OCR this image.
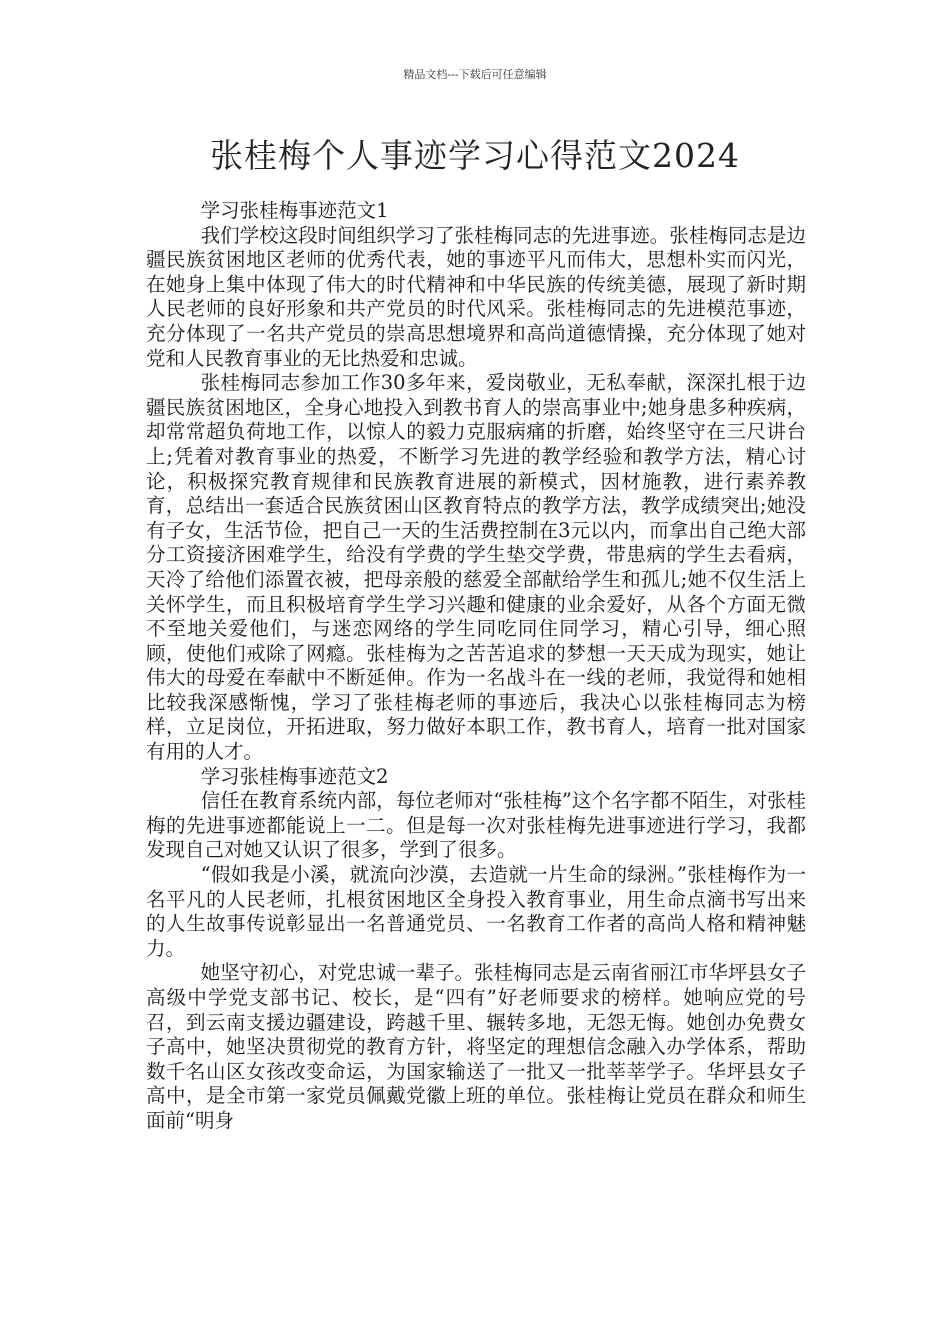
精品文档---下载后可任意编辑
张桂梅个人事迹学习心得范文2024

学习张桂梅事迹范文1

我们学校这段时间组织学习了张桂梅同志的先进事迹。张桂梅同志是边疆民族贫困地区老师的优秀代表，她的事迹平凡而伟大，思想朴实而闪光，在她身上集中体现了伟大的时代精神和中华民族的传统美德，展现了新时期人民老师的良好形象和共产党员的时代风采。张桂梅同志的先进模范事迹，充分体现了一名共产党员的崇高思想境界和高尚道德情操，充分体现了她对党和人民教育事业的无比热爱和忠诚。

张桂梅同志参加工作30多年来，爱岗敬业，无私奉献，深深扎根于边疆民族贫困地区，全身心地投入到教书育人的崇高事业中;她身患多种疾病，却常常超负荷地工作，以惊人的毅力克服病痛的折磨，始终坚守在三尺讲台上;凭着对教育事业的热爱，不断学习先进的教学经验和教学方法，精心讨论，积极探究教育规律和民族教育进展的新模式，因材施教，进行素养教育，总结出一套适合民族贫困山区教育特点的教学方法，教学成绩突出;她没有子女，生活节俭，把自己一天的生活费控制在3元以内，而拿出自己绝大部分工资接济困难学生，给没有学费的学生垫交学费，带患病的学生去看病，天冷了给他们添置衣被，把母亲般的慈爱全部献给学生和孤儿;她不仅生活上关怀学生，而且积极培育学生学习兴趣和健康的业余爱好，从各个方面无微不至地关爱他们，与迷恋网络的学生同吃同住同学习，精心引导，细心照顾，使他们戒除了网瘾。张桂梅为之苦苦追求的梦想一天天成为现实，她让伟大的母爱在奉献中不断延伸。作为一名战斗在一线的老师，我觉得和她相比较我深感惭愧，学习了张桂梅老师的事迹后，我决心以张桂梅同志为榜样，立足岗位，开拓进取，努力做好本职工作，教书育人，培育一批对国家有用的人才。

学习张桂梅事迹范文2

信任在教育系统内部，每位老师对“张桂梅”这个名字都不陌生，对张桂梅的先进事迹都能说上一二。但是每一次对张桂梅先进事迹进行学习，我都发现自己对她又认识了很多，学到了很多。

“假如我是小溪，就流向沙漠，去造就一片生命的绿洲。”张桂梅作为一名平凡的人民老师，扎根贫困地区全身投入教育事业，用生命点滴书写出来的人生故事传说彰显出一名普通党员、一名教育工作者的高尚人格和精神魅力。

她坚守初心，对党忠诚一辈子。张桂梅同志是云南省丽江市华坪县女子高级中学党支部书记、校长，是“四有”好老师要求的榜样。她响应党的号召，到云南支援边疆建设，跨越千里、辗转多地，无怨无悔。她创办免费女子高中，她坚决贯彻党的教育方针，将坚定的理想信念融入办学体系，帮助数千名山区女孩改变命运，为国家输送了一批又一批莘莘学子。华坪县女子高中，是全市第一家党员佩戴党徽上班的单位。张桂梅让党员在群众和师生面前“明身
